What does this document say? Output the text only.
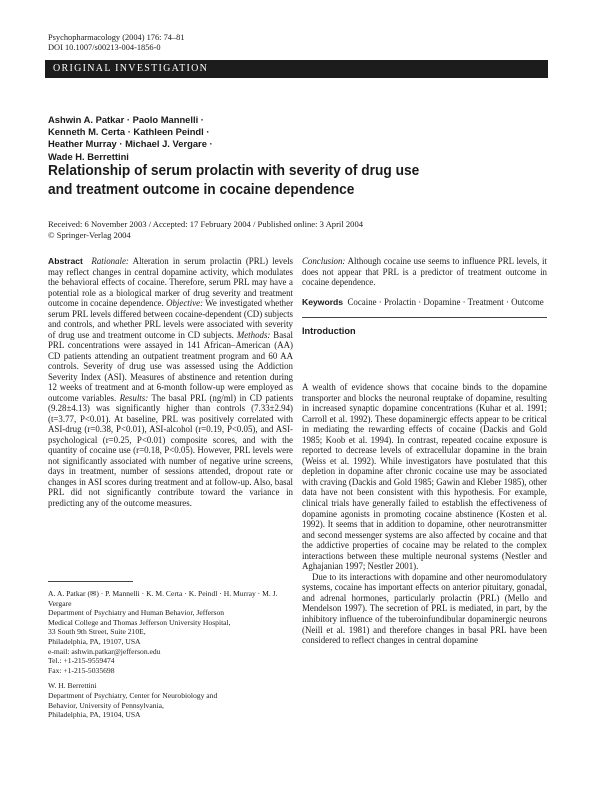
Psychopharmacology (2004) 176: 74–81
DOI 10.1007/s00213-004-1856-0
ORIGINAL INVESTIGATION
Ashwin A. Patkar · Paolo Mannelli ·
Kenneth M. Certa · Kathleen Peindl ·
Heather Murray · Michael J. Vergare ·
Wade H. Berrettini
Relationship of serum prolactin with severity of drug use
and treatment outcome in cocaine dependence
Received: 6 November 2003 / Accepted: 17 February 2004 / Published online: 3 April 2004
© Springer-Verlag 2004

Abstract Rationale: Alteration in serum prolactin (PRL) levels may reflect changes in central dopamine activity, which modulates the behavioral effects of cocaine. Therefore, serum PRL may have a potential role as a biological marker of drug severity and treatment outcome in cocaine dependence. Objective: We investigated whether serum PRL levels differed between cocaine-dependent (CD) subjects and controls, and whether PRL levels were associated with severity of drug use and treatment outcome in CD subjects. Methods: Basal PRL concentrations were assayed in 141 African–American (AA) CD patients attending an outpatient treatment program and 60 AA controls. Severity of drug use was assessed using the Addiction Severity Index (ASI). Measures of abstinence and retention during 12 weeks of treatment and at 6-month follow-up were employed as outcome variables. Results: The basal PRL (ng/ml) in CD patients (9.28±4.13) was significantly higher than controls (7.33±2.94) (t=3.77, P<0.01). At baseline, PRL was positively correlated with ASI-drug (r=0.38, P<0.01), ASI-alcohol (r=0.19, P<0.05), and ASI-psychological (r=0.25, P<0.01) composite scores, and with the quantity of cocaine use (r=0.18, P<0.05). However, PRL levels were not significantly associated with number of negative urine screens, days in treatment, number of sessions attended, dropout rate or changes in ASI scores during treatment and at follow-up. Also, basal PRL did not significantly contribute toward the variance in predicting any of the outcome measures.

A. A. Patkar (✉) · P. Mannelli · K. M. Certa · K. Peindl · H. Murray · M. J. Vergare
Department of Psychiatry and Human Behavior, Jefferson
Medical College and Thomas Jefferson University Hospital,
33 South 9th Street, Suite 210E,
Philadelphia, PA, 19107, USA
e-mail: ashwin.patkar@jefferson.edu
Tel.: +1-215-9559474
Fax: +1-215-5035698
W. H. Berrettini
Department of Psychiatry, Center for Neurobiology and
Behavior, University of Pennsylvania,
Philadelphia, PA, 19104, USA

Conclusion: Although cocaine use seems to influence PRL levels, it does not appear that PRL is a predictor of treatment outcome in cocaine dependence.

Keywords Cocaine · Prolactin · Dopamine · Treatment · Outcome

Introduction

A wealth of evidence shows that cocaine binds to the dopamine transporter and blocks the neuronal reuptake of dopamine, resulting in increased synaptic dopamine concentrations (Kuhar et al. 1991; Carroll et al. 1992). These dopaminergic effects appear to be critical in mediating the rewarding effects of cocaine (Dackis and Gold 1985; Koob et al. 1994). In contrast, repeated cocaine exposure is reported to decrease levels of extracellular dopamine in the brain (Weiss et al. 1992). While investigators have postulated that this depletion in dopamine after chronic cocaine use may be associated with craving (Dackis and Gold 1985; Gawin and Kleber 1985), other data have not been consistent with this hypothesis. For example, clinical trials have generally failed to establish the effectiveness of dopamine agonists in promoting cocaine abstinence (Kosten et al. 1992). It seems that in addition to dopamine, other neurotransmitter and second messenger systems are also affected by cocaine and that the addictive properties of cocaine may be related to the complex interactions between these multiple neuronal systems (Nestler and Aghajanian 1997; Nestler 2001).

Due to its interactions with dopamine and other neuromodulatory systems, cocaine has important effects on anterior pituitary, gonadal, and adrenal hormones, particularly prolactin (PRL) (Mello and Mendelson 1997). The secretion of PRL is mediated, in part, by the inhibitory influence of the tuberoinfundibular dopaminergic neurons (Neill et al. 1981) and therefore changes in basal PRL have been considered to reflect changes in central dopamine
